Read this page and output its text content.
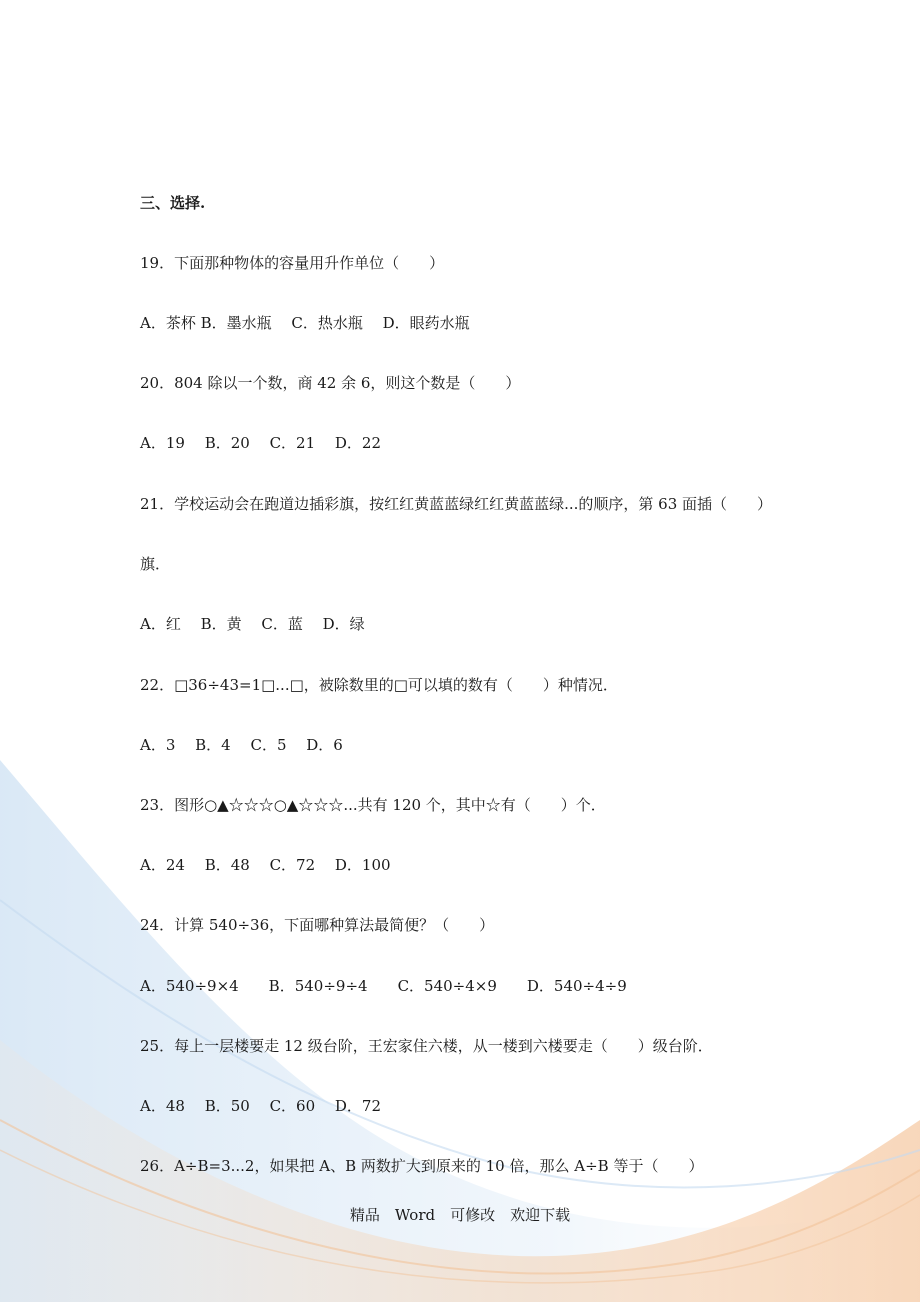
三、选择.
19．下面那种物体的容量用升作单位（　　）
A．茶杯 B．墨水瓶　 C．热水瓶　 D．眼药水瓶
20．804 除以一个数，商 42 余 6，则这个数是（　　）
A．19　 B．20　 C．21　 D．22
21．学校运动会在跑道边插彩旗，按红红黄蓝蓝绿红红黄蓝蓝绿...的顺序，第 63 面插（　　）
旗．
A．红　 B．黄　 C．蓝　 D．绿
22．□36÷43=1□...□，被除数里的□可以填的数有（　　）种情况．
A．3　 B．4　 C．5　 D．6
23．图形○▲☆☆☆○▲☆☆☆...共有 120 个，其中☆有（　　）个．
A．24　 B．48　 C．72　 D．100
24．计算 540÷36，下面哪种算法最简便？（　　）
A．540÷9×4　　B．540÷9÷4　　C．540÷4×9　　D．540÷4÷9
25．每上一层楼要走 12 级台阶，王宏家住六楼，从一楼到六楼要走（　　）级台阶．
A．48　 B．50　 C．60　 D．72
26．A÷B=3...2，如果把 A、B 两数扩大到原来的 10 倍，那么 A÷B 等于（　　）
精品　Word　可修改　欢迎下载
